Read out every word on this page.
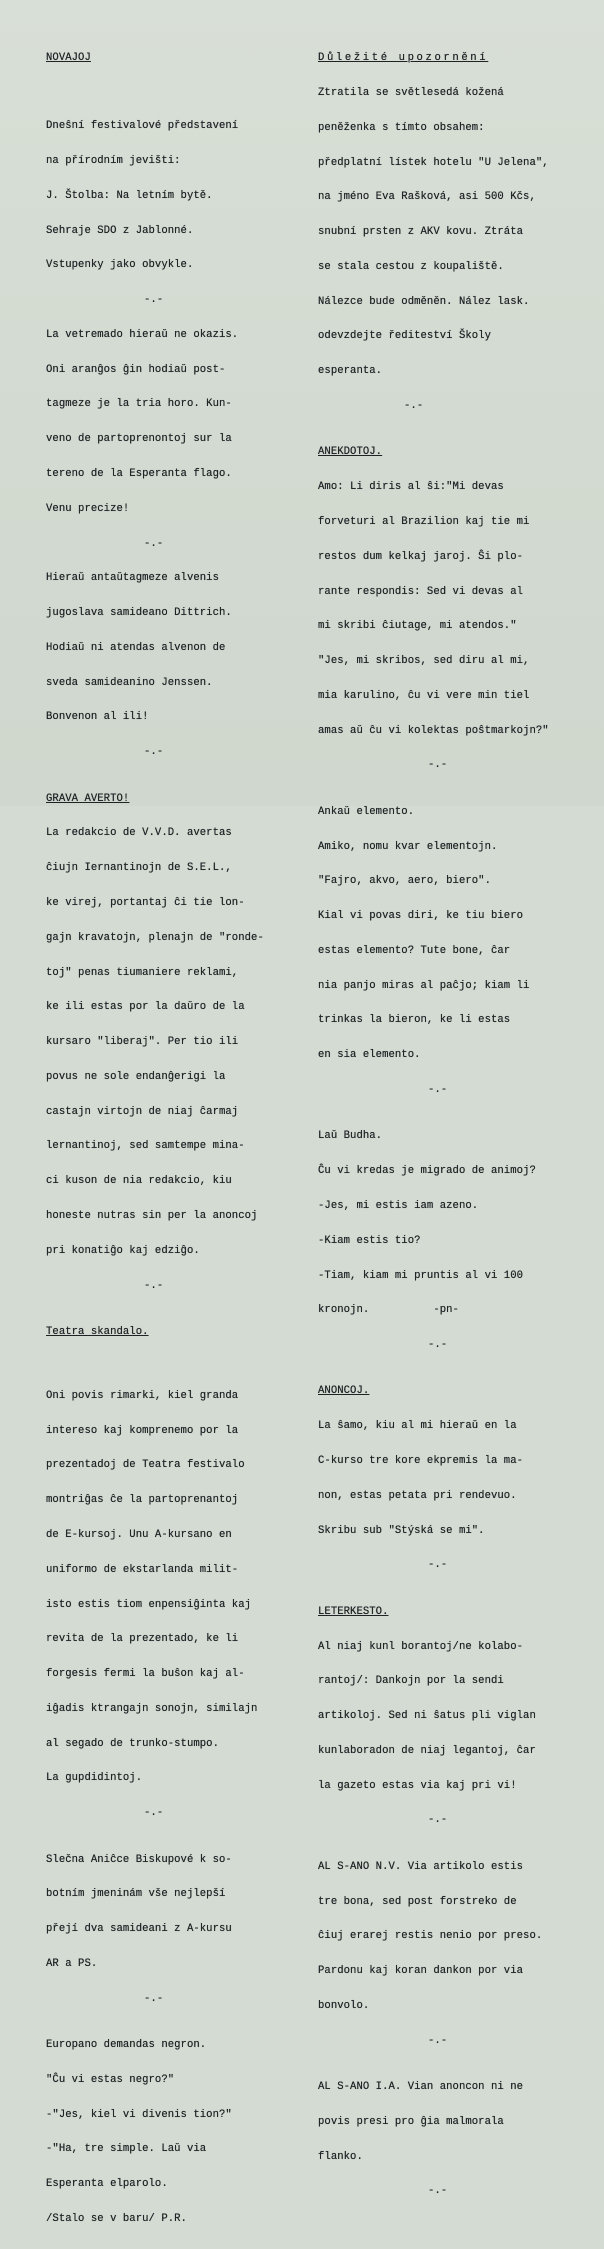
NOVAJOJ

Dneŝní festivalové představení

na přírodním jevišti:

J. Štolba: Na letním bytě.

Sehraje SDO z Jablonné.

Vstupenky jako obvykle.

-.-

La vetremado hieraŭ ne okazis.

Oni aranĝos ĝin hodiaŭ post-

tagmeze je la tria horo. Kun-

veno de partoprenontoj sur la

tereno de la Esperanta flago.

Venu precize!

-.-

Hieraŭ antaŭtagmeze alvenis

jugoslava samideano Dittrich.

Hodiaŭ ni atendas alvenon de

sveda samideanino Jenssen.

Bonvenon al ili!

-.-

GRAVA AVERTO!

La redakcio de V.V.D. avertas

ĉiujn Iernantinojn de S.E.L.,

ke virej, portantaj ĉi tie lon-

gajn kravatojn, plenajn de "ronde-

toj" penas tiumaniere reklami,

ke ili estas por la daŭro de la

kursaro "liberaj". Per tio ili

povus ne sole endanĝerigi la

castajn virtojn de niaj ĉarmaj

lernantinoj, sed samtempe mina-

ci kuson de nia redakcio, kiu

honeste nutras sin per la anoncoj

pri konatiĝo kaj edziĝo.

-.-

Teatra skandalo.

Oni povis rimarki, kiel granda

intereso kaj komprenemo por la

prezentadoj de Teatra festivalo

montriĝas ĉe la partoprenantoj

de E-kursoj. Unu A-kursano en

uniformo de ekstarlanda milit-

isto estis tiom enpensiĝinta kaj

revita de la prezentado, ke li

forgesis fermi la buŝon kaj al-

iĝadis ktrangajn sonojn, similajn

al segado de trunko-stumpo.

La gupdidintoj.

-.-

Slečna Aniĉce Biskupové k so-

botním jmeninám vše nejlepší

přejí dva samideani z A-kursu

AR a PS.

-.-

Europano demandas negron.

"Ĉu vi estas negro?"

-"Jes, kiel vi divenis tion?"

-"Ha, tre simple. Laŭ via

Esperanta elparolo.

/Stalo se v baru/ P.R.

Důležité upozornění

Ztratila se světlesedá kožená

peněženka s tímto obsahem:

předplatní lístek hotelu "U Jelena",

na jméno Eva Rašková, asi 500 Kčs,

snubní prsten z AKV kovu. Ztráta

se stala cestou z koupaliště.

Nálezce bude odměněn. Nález lask.

odevzdejte řediteství Školy

esperanta.

-.-

ANEKDOTOJ.

Amo: Li diris al ŝi:"Mi devas

forveturi al Brazilion kaj tie mi

restos dum kelkaj jaroj. Ŝi plo-

rante respondis: Sed vi devas al

mi skribi ĉiutage, mi atendos."

"Jes, mi skribos, sed diru al mi,

mia karulino, ĉu vi vere min tiel

amas aŭ ĉu vi kolektas poŝtmarkojn?"

-.-

Ankaŭ elemento.

Amiko, nomu kvar elementojn.

"Fajro, akvo, aero, biero".

Kial vi povas diri, ke tiu biero

estas elemento? Tute bone, ĉar

nia panjo miras al paĉjo; kiam li

trinkas la bieron, ke li estas

en sia elemento.

-.-

Laŭ Budha.

Ĉu vi kredas je migrado de animoj?

-Jes, mi estis iam azeno.

-Kiam estis tio?

-Tiam, kiam mi pruntis al vi 100

kronojn.          -pn-

-.-

ANONCOJ.

La ŝamo, kiu al mi hieraŭ en la

C-kurso tre kore ekpremis la ma-

non, estas petata pri rendevuo.

Skribu sub "Stýská se mi".

-.-

LETERKESTO.

Al niaj kunl borantoj/ne kolabo-

rantoj/: Dankojn por la sendi

artikoloj. Sed ni ŝatus pli viglan

kunlaboradon de niaj legantoj, ĉar

la gazeto estas via kaj pri vi!

-.-

AL S-ANO N.V. Via artikolo estis

tre bona, sed post forstreko de

ĉiuj erarej restis nenio por preso.

Pardonu kaj koran dankon por via

bonvolo.

-.-

AL S-ANO I.A. Vian anoncon ni ne

povis presi pro ĝia malmorala

flanko.

-.-
